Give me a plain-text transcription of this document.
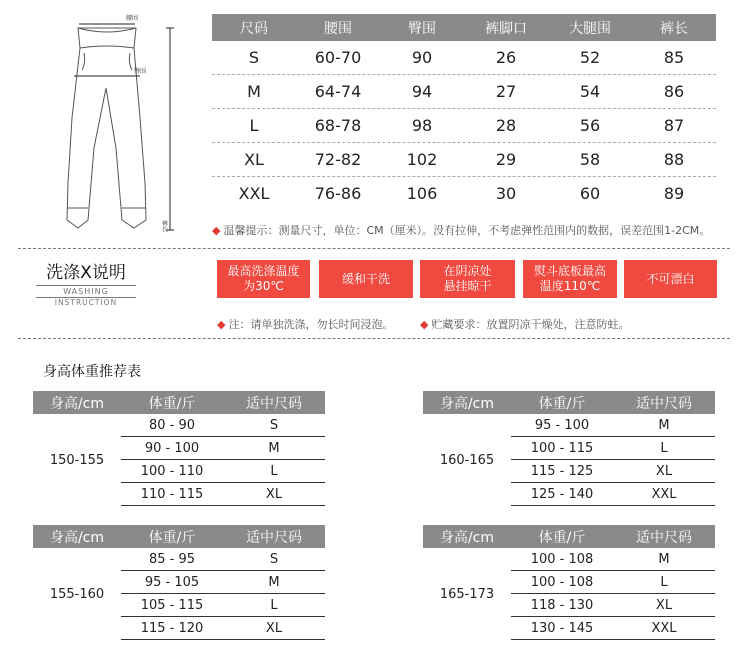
腰围
臀围
裤长
尺码	腰围	臀围	裤脚口	大腿围	裤长
S	60-70	90	26	52	85
M	64-74	94	27	54	86
L	68-78	98	28	56	87
XL	72-82	102	29	58	88
XXL	76-86	106	30	60	89
◆ 温馨提示：测量尺寸，单位：CM（厘米）。没有拉伸，不考虑弹性范围内的数据，误差范围1-2CM。
洗涤X说明
WASHING
INSTRUCTION
最高洗涤温度
为30℃
缓和干洗
在阴凉处
悬挂晾干
熨斗底板最高
温度110℃
不可漂白
◆ 注：请单独洗涤，勿长时间浸泡。 ◆ 贮藏要求：放置阴凉干燥处，注意防蛀。
身高体重推荐表
身高/cm	体重/斤	适中尺码
150-155
80 - 90	S
90 - 100	M
100 - 110	L
110 - 115	XL
身高/cm	体重/斤	适中尺码
160-165
95 - 100	M
100 - 115	L
115 - 125	XL
125 - 140	XXL
身高/cm	体重/斤	适中尺码
155-160
85 - 95	S
95 - 105	M
105 - 115	L
115 - 120	XL
身高/cm	体重/斤	适中尺码
165-173
100 - 108	M
100 - 108	L
118 - 130	XL
130 - 145	XXL
